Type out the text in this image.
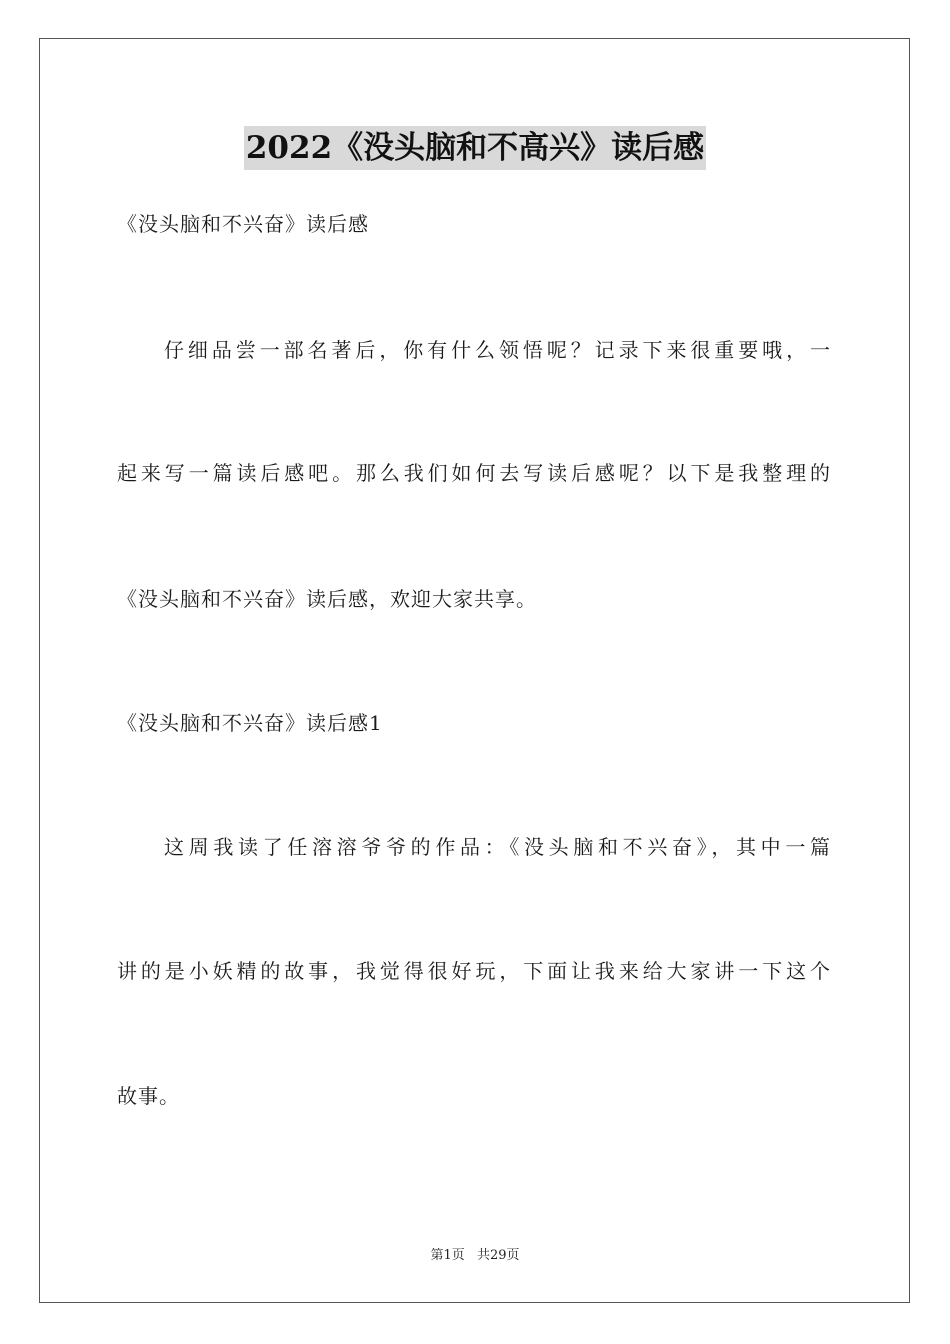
2022《没头脑和不高兴》读后感
《没头脑和不兴奋》读后感
仔细品尝一部名著后，你有什么领悟呢？记录下来很重要哦，一
起来写一篇读后感吧。那么我们如何去写读后感呢？以下是我整理的
《没头脑和不兴奋》读后感，欢迎大家共享。
《没头脑和不兴奋》读后感1
这周我读了任溶溶爷爷的作品：《没头脑和不兴奋》，其中一篇
讲的是小妖精的故事，我觉得很好玩，下面让我来给大家讲一下这个
故事。
第1页 共29页
